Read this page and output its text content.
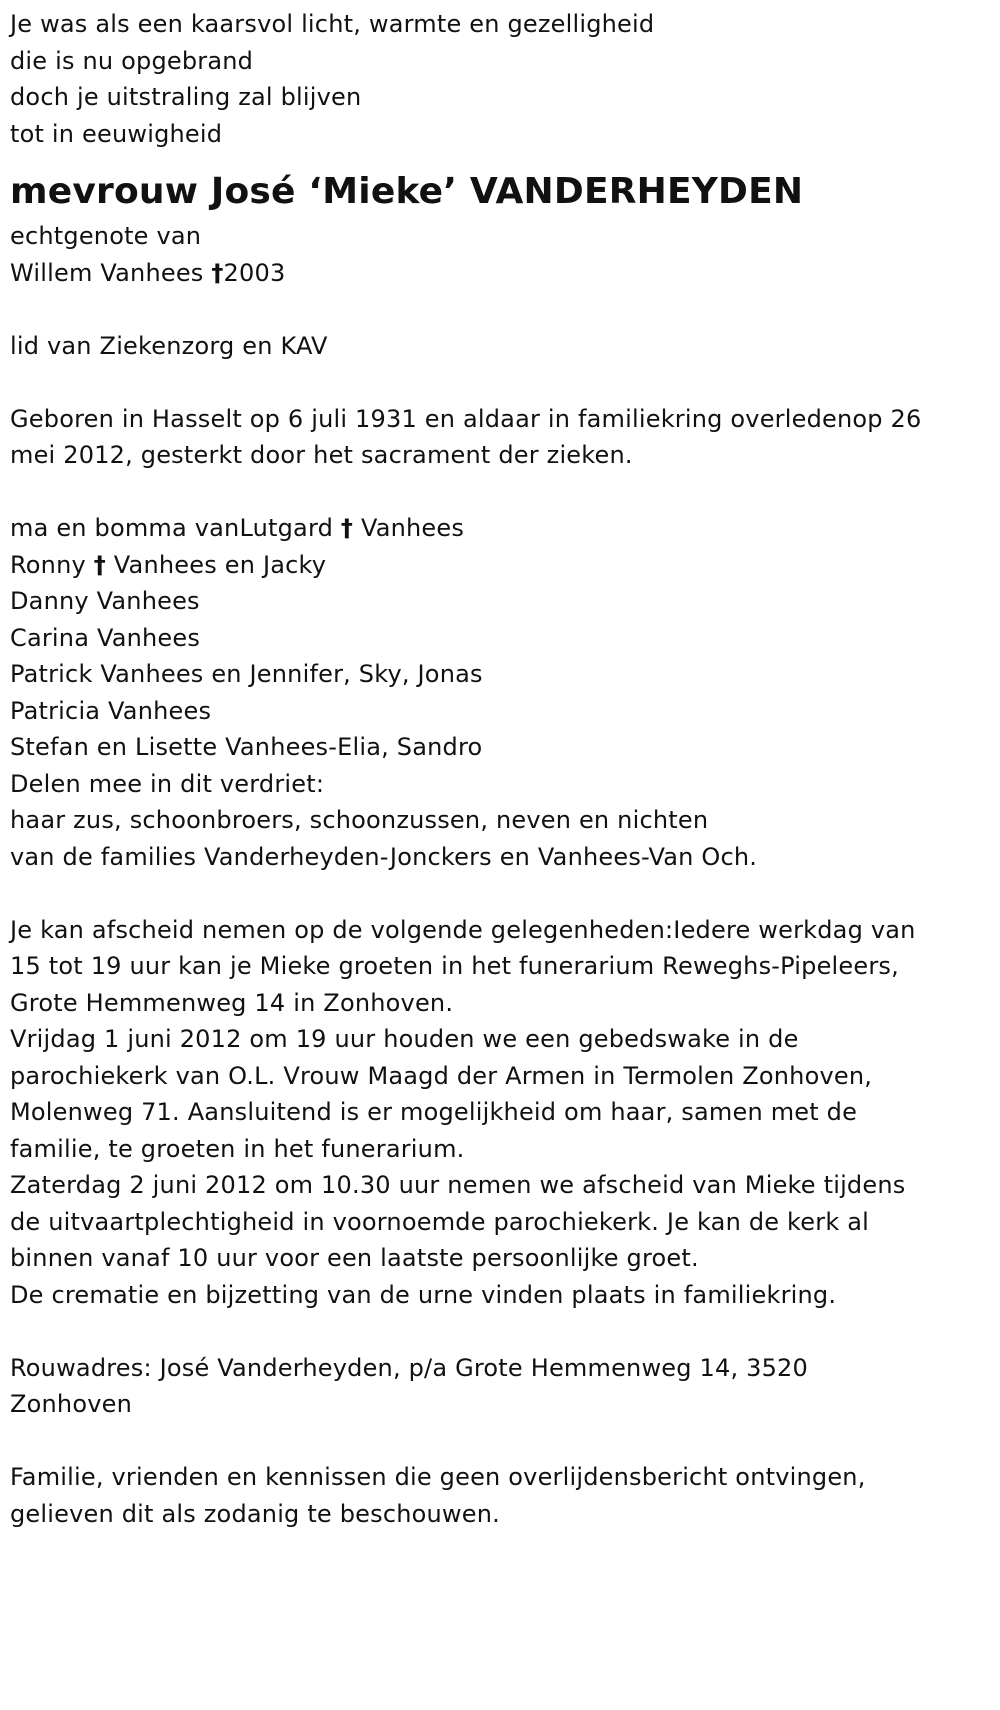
Je was als een kaarsvol licht, warmte en gezelligheid
die is nu opgebrand
doch je uitstraling zal blijven
tot in eeuwigheid
mevrouw José ‘Mieke’ VANDERHEYDEN
echtgenote van
Willem Vanhees †2003
lid van Ziekenzorg en KAV
Geboren in Hasselt op 6 juli 1931 en aldaar in familiekring overledenop 26
mei 2012, gesterkt door het sacrament der zieken.
ma en bomma vanLutgard † Vanhees
Ronny † Vanhees en Jacky
Danny Vanhees
Carina Vanhees
Patrick Vanhees en Jennifer, Sky, Jonas
Patricia Vanhees
Stefan en Lisette Vanhees-Elia, Sandro
Delen mee in dit verdriet:
haar zus, schoonbroers, schoonzussen, neven en nichten
van de families Vanderheyden-Jonckers en Vanhees-Van Och.
Je kan afscheid nemen op de volgende gelegenheden:Iedere werkdag van
15 tot 19 uur kan je Mieke groeten in het funerarium Reweghs-Pipeleers,
Grote Hemmenweg 14 in Zonhoven.
Vrijdag 1 juni 2012 om 19 uur houden we een gebedswake in de
parochiekerk van O.L. Vrouw Maagd der Armen in Termolen Zonhoven,
Molenweg 71. Aansluitend is er mogelijkheid om haar, samen met de
familie, te groeten in het funerarium.
Zaterdag 2 juni 2012 om 10.30 uur nemen we afscheid van Mieke tijdens
de uitvaartplechtigheid in voornoemde parochiekerk. Je kan de kerk al
binnen vanaf 10 uur voor een laatste persoonlijke groet.
De crematie en bijzetting van de urne vinden plaats in familiekring.
Rouwadres: José Vanderheyden, p/a Grote Hemmenweg 14, 3520
Zonhoven
Familie, vrienden en kennissen die geen overlijdensbericht ontvingen,
gelieven dit als zodanig te beschouwen.
